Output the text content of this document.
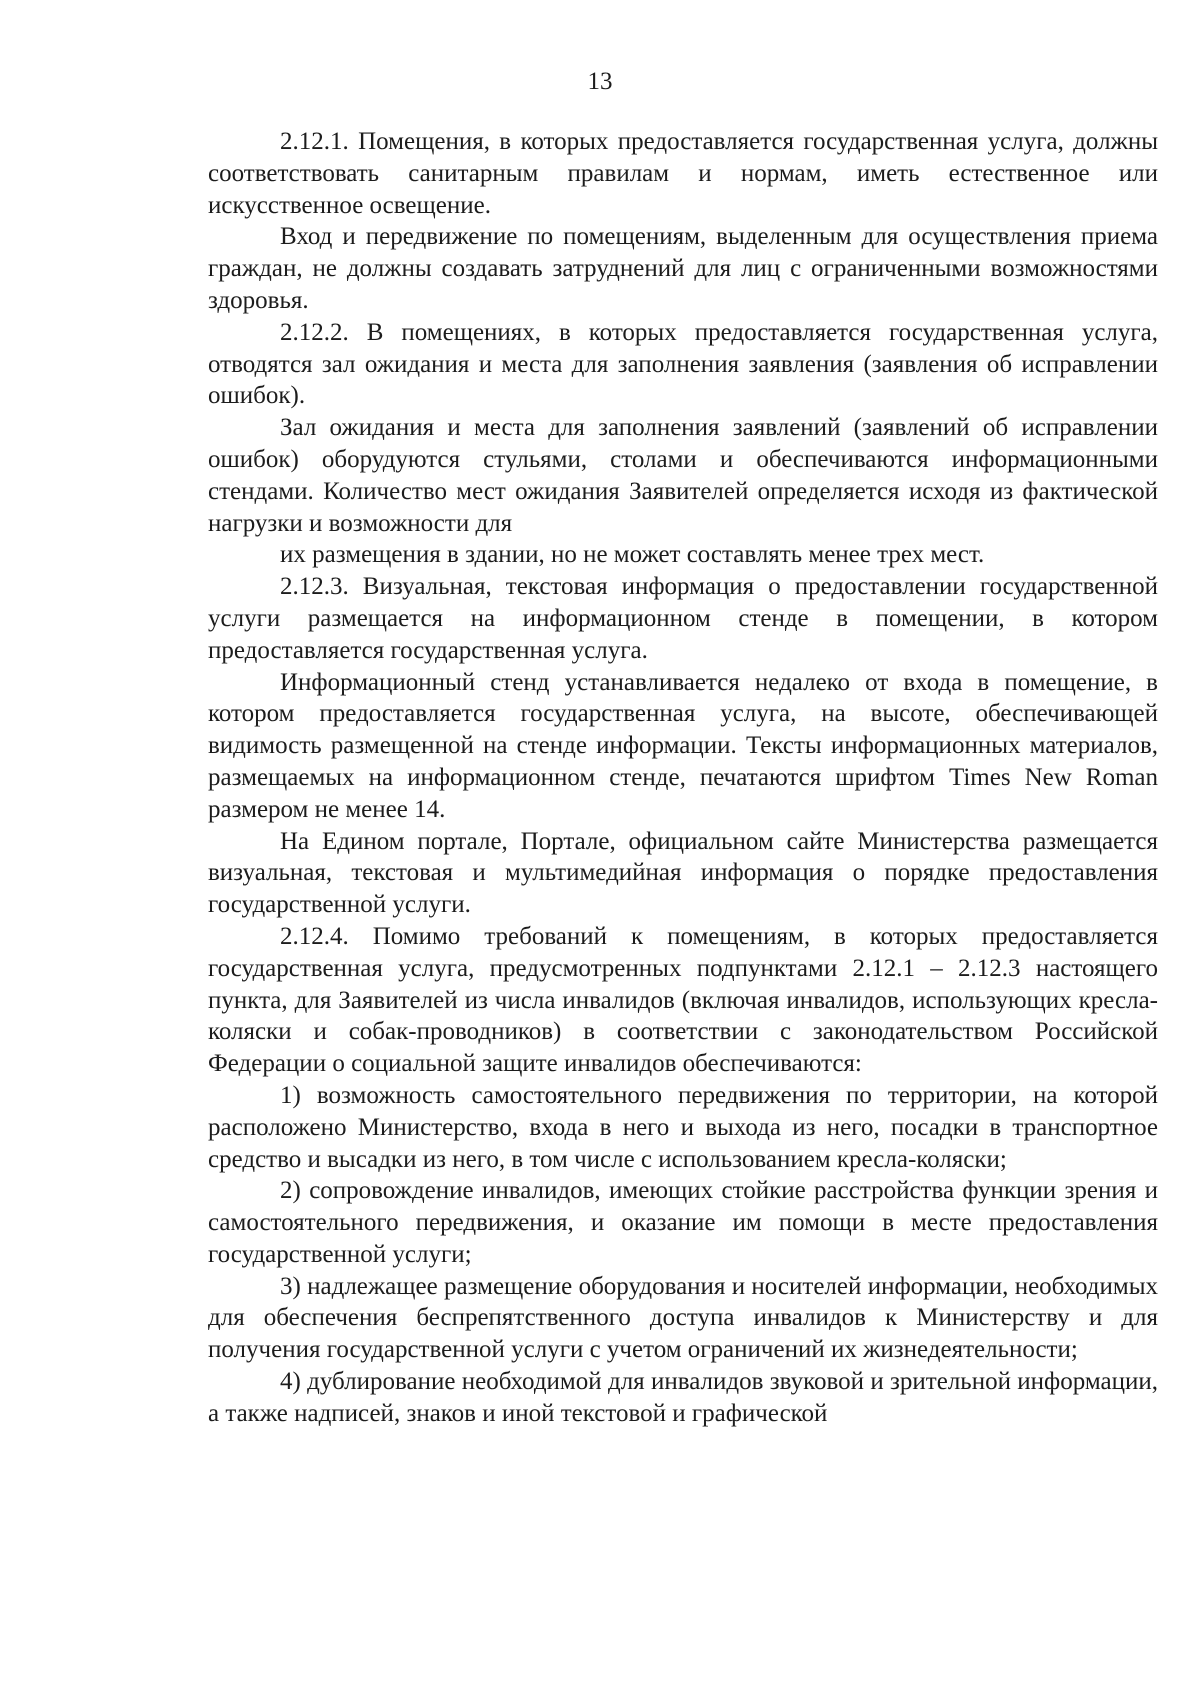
13

2.12.1. Помещения, в которых предоставляется государственная услуга, должны соответствовать санитарным правилам и нормам, иметь естественное или искусственное освещение.

Вход и передвижение по помещениям, выделенным для осуществления приема граждан, не должны создавать затруднений для лиц с ограниченными возможностями здоровья.

2.12.2. В помещениях, в которых предоставляется государственная услуга, отводятся зал ожидания и места для заполнения заявления (заявления об исправлении ошибок).

Зал ожидания и места для заполнения заявлений (заявлений об исправлении ошибок) оборудуются стульями, столами и обеспечиваются информационными стендами. Количество мест ожидания Заявителей определяется исходя из фактической нагрузки и возможности для

их размещения в здании, но не может составлять менее трех мест.

2.12.3. Визуальная, текстовая информация о предоставлении государственной услуги размещается на информационном стенде в помещении, в котором предоставляется государственная услуга.

Информационный стенд устанавливается недалеко от входа в помещение, в котором предоставляется государственная услуга, на высоте, обеспечивающей видимость размещенной на стенде информации. Тексты информационных материалов, размещаемых на информационном стенде, печатаются шрифтом Times New Roman размером не менее 14.

На Едином портале, Портале, официальном сайте Министерства размещается визуальная, текстовая и мультимедийная информация о порядке предоставления государственной услуги.

2.12.4. Помимо требований к помещениям, в которых предоставляется государственная услуга, предусмотренных подпунктами 2.12.1 – 2.12.3 настоящего пункта, для Заявителей из числа инвалидов (включая инвалидов, использующих кресла-коляски и собак-проводников) в соответствии с законодательством Российской Федерации о социальной защите инвалидов обеспечиваются:

1) возможность самостоятельного передвижения по территории, на которой расположено Министерство, входа в него и выхода из него, посадки в транспортное средство и высадки из него, в том числе с использованием кресла-коляски;

2) сопровождение инвалидов, имеющих стойкие расстройства функции зрения и самостоятельного передвижения, и оказание им помощи в месте предоставления государственной услуги;

3) надлежащее размещение оборудования и носителей информации, необходимых для обеспечения беспрепятственного доступа инвалидов к Министерству и для получения государственной услуги с учетом ограничений их жизнедеятельности;

4) дублирование необходимой для инвалидов звуковой и зрительной информации, а также надписей, знаков и иной текстовой и графической
